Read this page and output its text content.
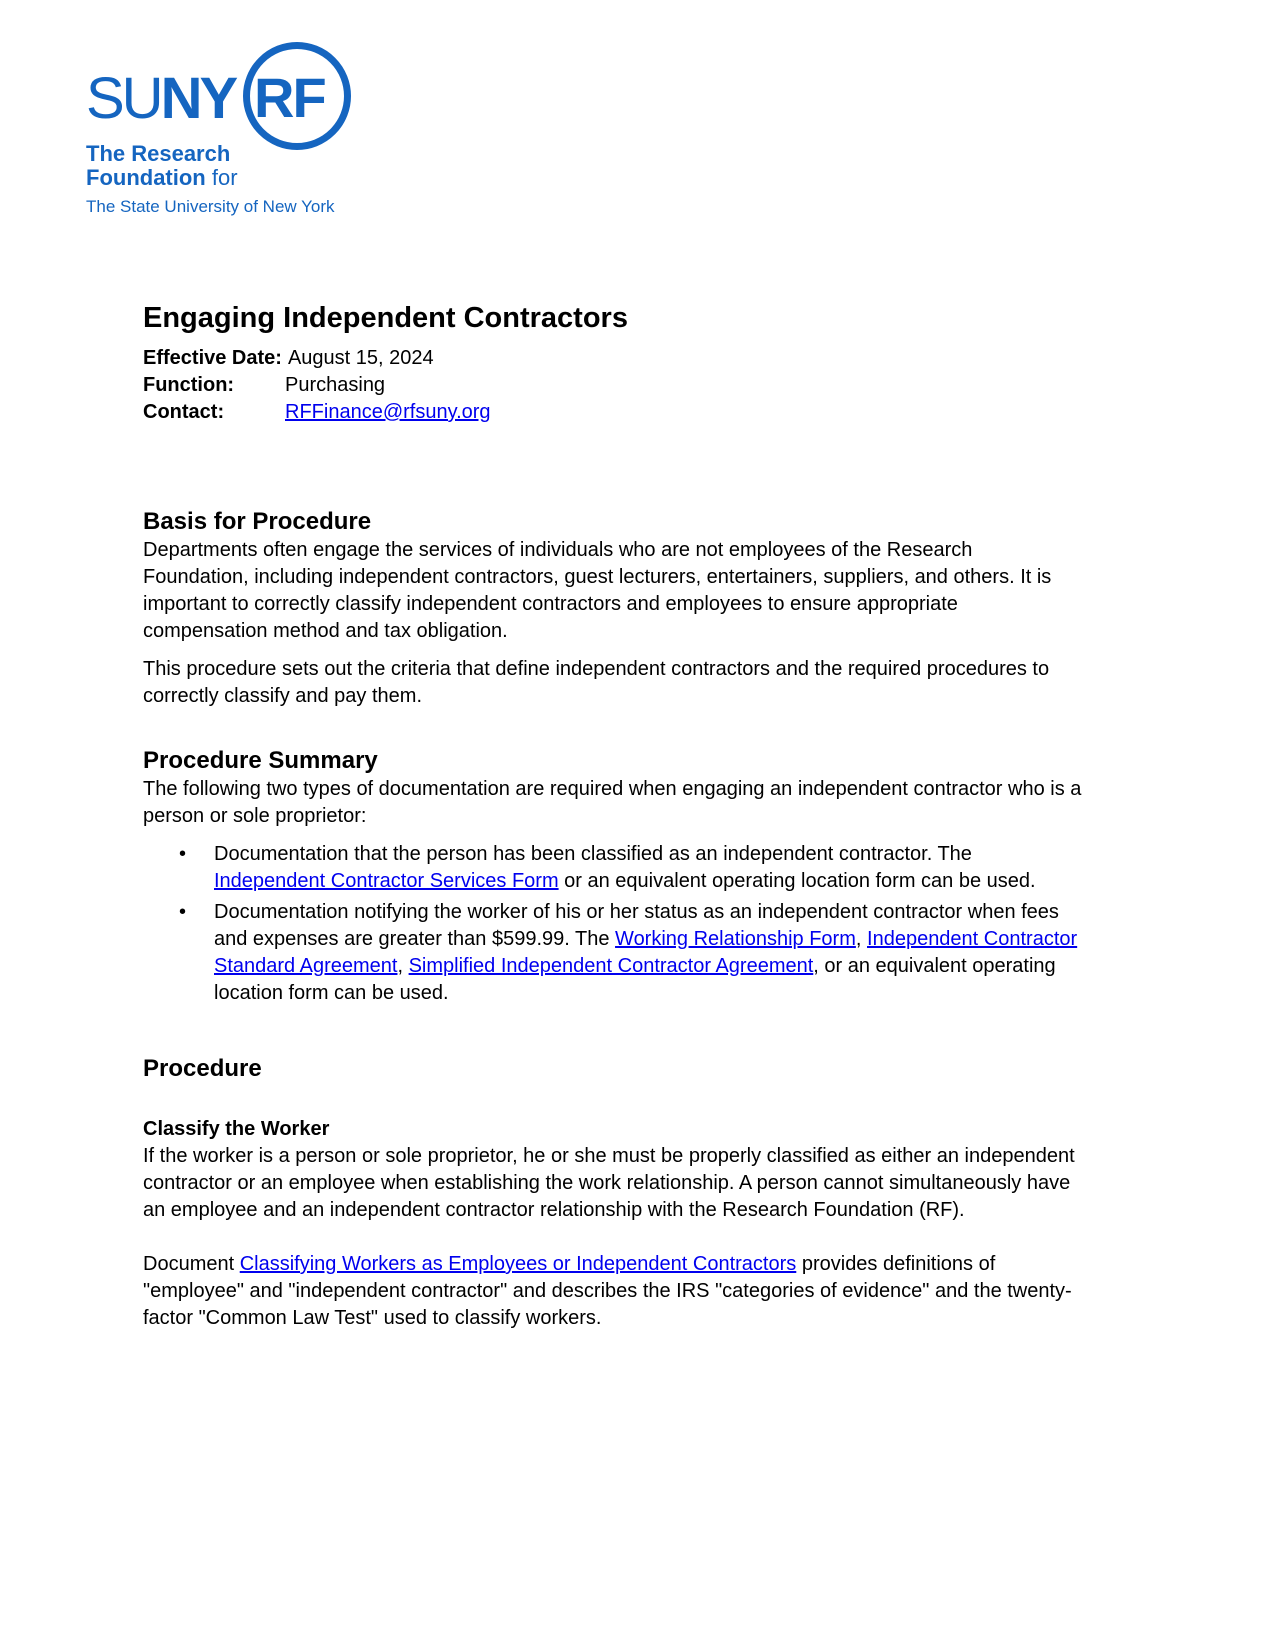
SUNY RF
The Research
Foundation for
The State University of New York
Engaging Independent Contractors
Effective Date: August 15, 2024
Function:	Purchasing
Contact:	RFFinance@rfsuny.org
Basis for Procedure

Departments often engage the services of individuals who are not employees of the Research Foundation, including independent contractors, guest lecturers, entertainers, suppliers, and others. It is important to correctly classify independent contractors and employees to ensure appropriate compensation method and tax obligation.

This procedure sets out the criteria that define independent contractors and the required procedures to correctly classify and pay them.

Procedure Summary

The following two types of documentation are required when engaging an independent contractor who is a person or sole proprietor:

• Documentation that the person has been classified as an independent contractor. The Independent Contractor Services Form or an equivalent operating location form can be used.
• Documentation notifying the worker of his or her status as an independent contractor when fees and expenses are greater than $599.99. The Working Relationship Form, Independent Contractor Standard Agreement, Simplified Independent Contractor Agreement, or an equivalent operating location form can be used.
Procedure
Classify the Worker

If the worker is a person or sole proprietor, he or she must be properly classified as either an independent contractor or an employee when establishing the work relationship. A person cannot simultaneously have an employee and an independent contractor relationship with the Research Foundation (RF).

Document Classifying Workers as Employees or Independent Contractors provides definitions of "employee" and "independent contractor" and describes the IRS "categories of evidence" and the twenty-factor "Common Law Test" used to classify workers.
